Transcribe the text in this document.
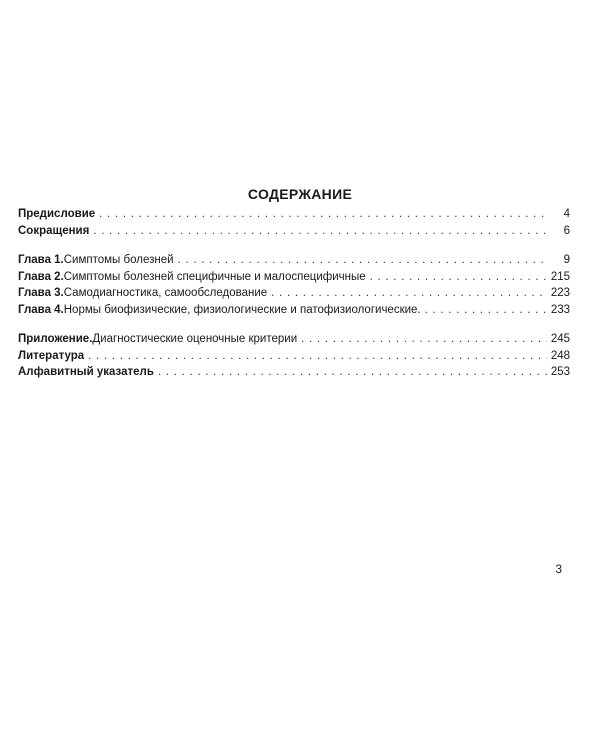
СОДЕРЖАНИЕ
Предисловие . . .	4
Сокращения . . .	6
Глава 1. Симптомы болезней . . .	9
Глава 2. Симптомы болезней специфичные и малоспецифичные . . .	215
Глава 3. Самодиагностика, самообследование . . .	223
Глава 4. Нормы биофизические, физиологические и патофизиологические. . . .	233
Приложение. Диагностические оценочные критерии . . .	245
Литература . . .	248
Алфавитный указатель . . .	253
3
